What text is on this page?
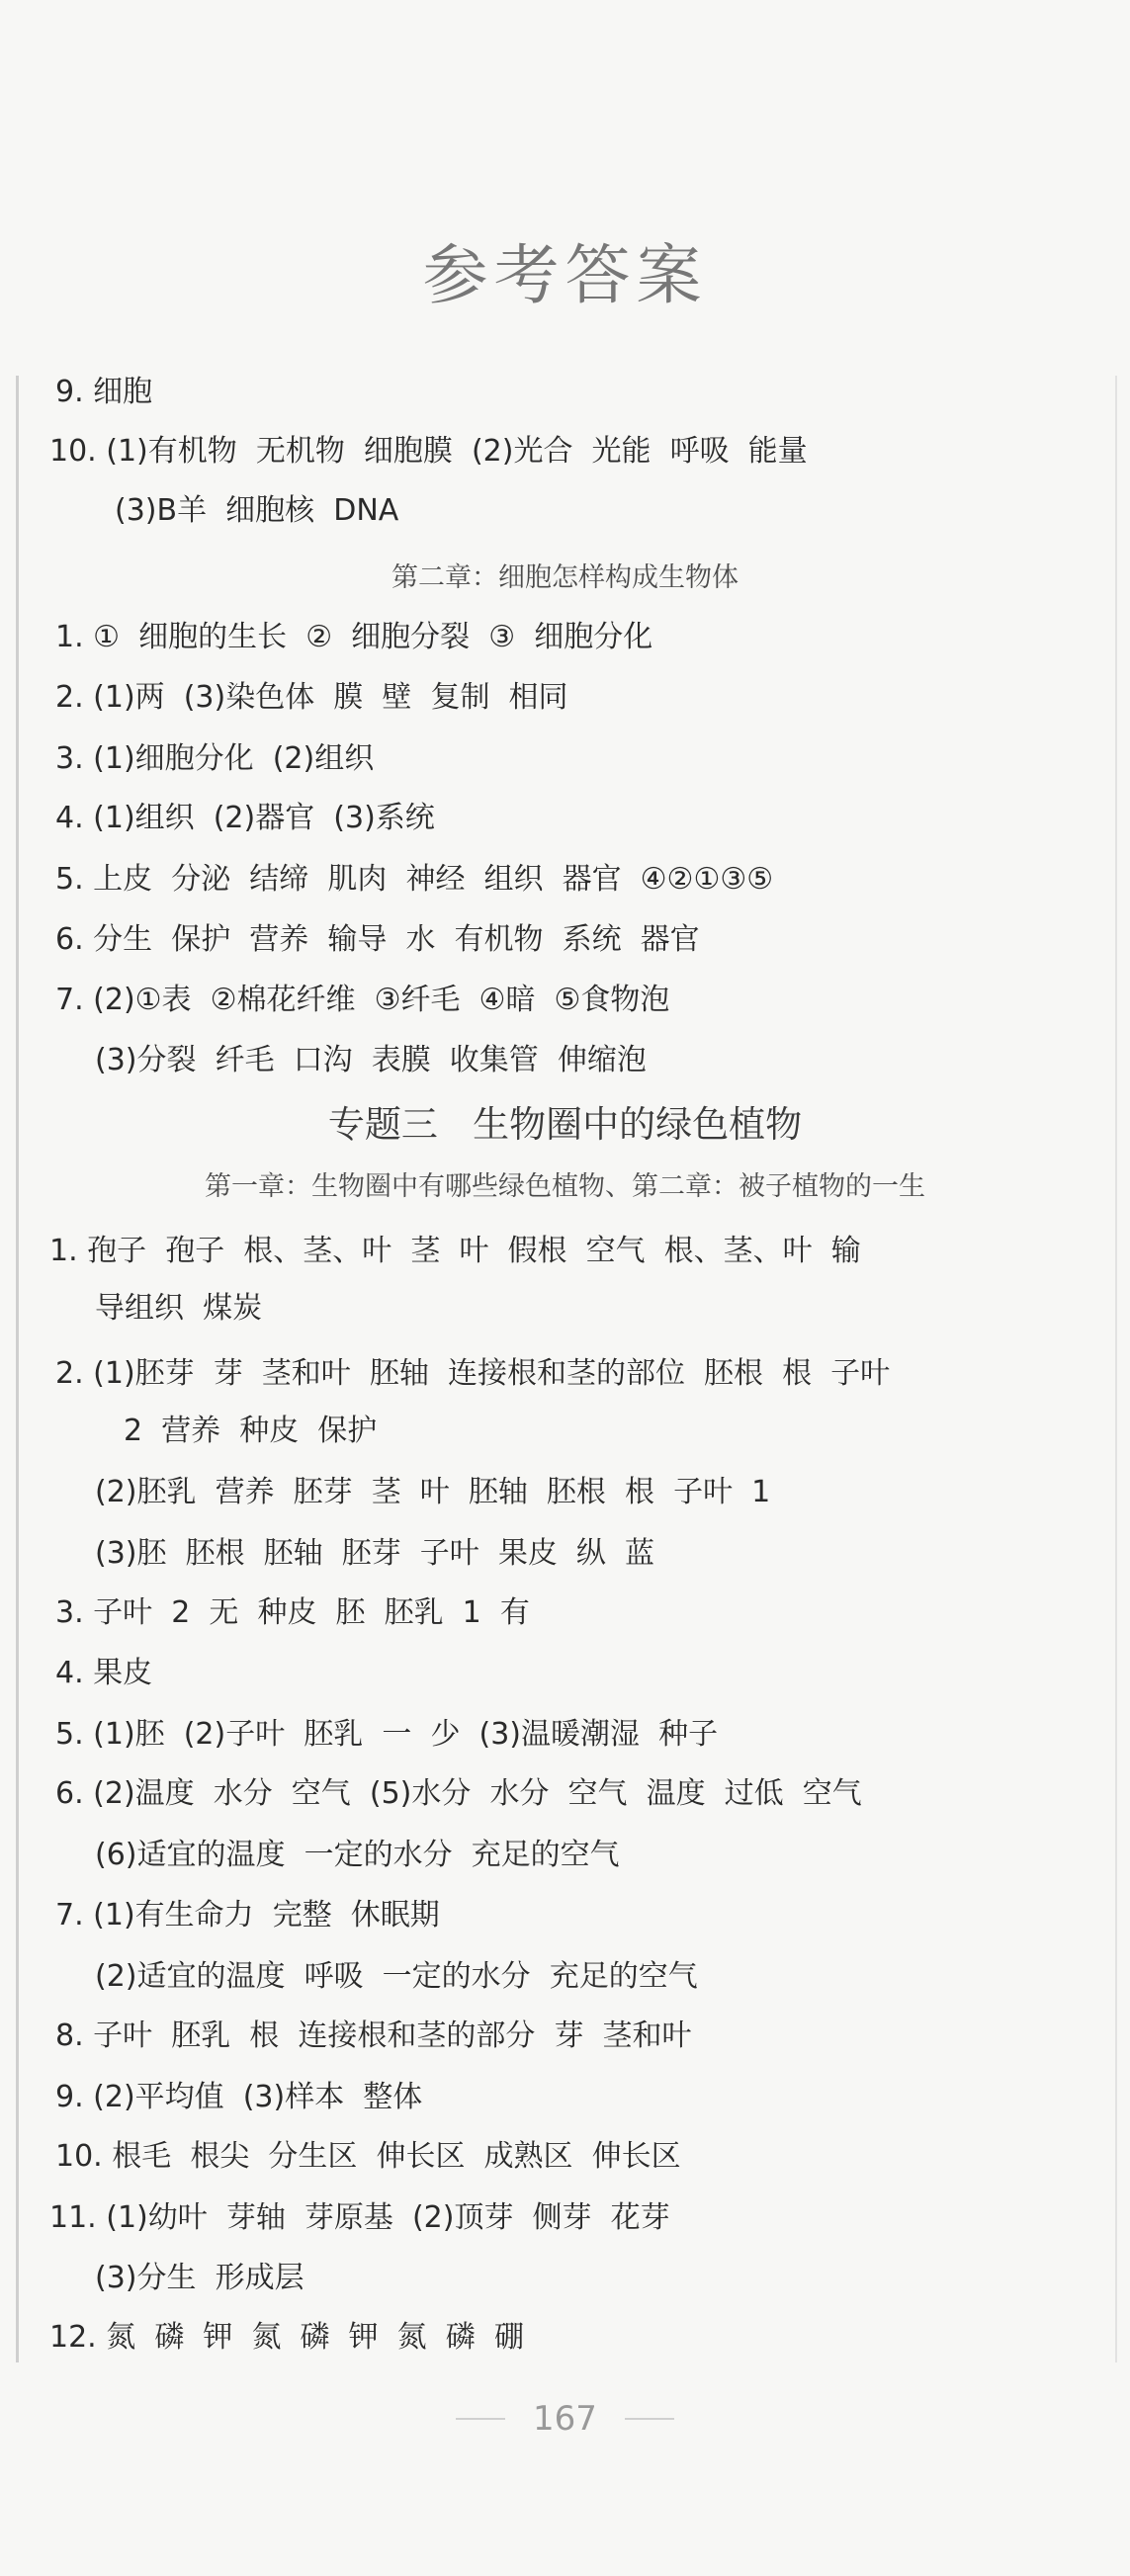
参考答案
9. 细胞
10. (1)有机物  无机物  细胞膜  (2)光合  光能  呼吸  能量
(3)B羊  细胞核  DNA
第二章：细胞怎样构成生物体
1. ①  细胞的生长  ②  细胞分裂  ③  细胞分化
2. (1)两  (3)染色体  膜  壁  复制  相同
3. (1)细胞分化  (2)组织
4. (1)组织  (2)器官  (3)系统
5. 上皮  分泌  结缔  肌肉  神经  组织  器官  ④②①③⑤
6. 分生  保护  营养  输导  水  有机物  系统  器官
7. (2)①表  ②棉花纤维  ③纤毛  ④暗  ⑤食物泡
(3)分裂  纤毛  口沟  表膜  收集管  伸缩泡
专题三   生物圈中的绿色植物
第一章：生物圈中有哪些绿色植物、第二章：被子植物的一生
1. 孢子  孢子  根、茎、叶  茎  叶  假根  空气  根、茎、叶  输
导组织  煤炭
2. (1)胚芽  芽  茎和叶  胚轴  连接根和茎的部位  胚根  根  子叶
2  营养  种皮  保护
(2)胚乳  营养  胚芽  茎  叶  胚轴  胚根  根  子叶  1
(3)胚  胚根  胚轴  胚芽  子叶  果皮  纵  蓝
3. 子叶  2  无  种皮  胚  胚乳  1  有
4. 果皮
5. (1)胚  (2)子叶  胚乳  一  少  (3)温暖潮湿  种子
6. (2)温度  水分  空气  (5)水分  水分  空气  温度  过低  空气
(6)适宜的温度  一定的水分  充足的空气
7. (1)有生命力  完整  休眠期
(2)适宜的温度  呼吸  一定的水分  充足的空气
8. 子叶  胚乳  根  连接根和茎的部分  芽  茎和叶
9. (2)平均值  (3)样本  整体
10. 根毛  根尖  分生区  伸长区  成熟区  伸长区
11. (1)幼叶  芽轴  芽原基  (2)顶芽  侧芽  花芽
(3)分生  形成层
12. 氮  磷  钾  氮  磷  钾  氮  磷  硼
167
